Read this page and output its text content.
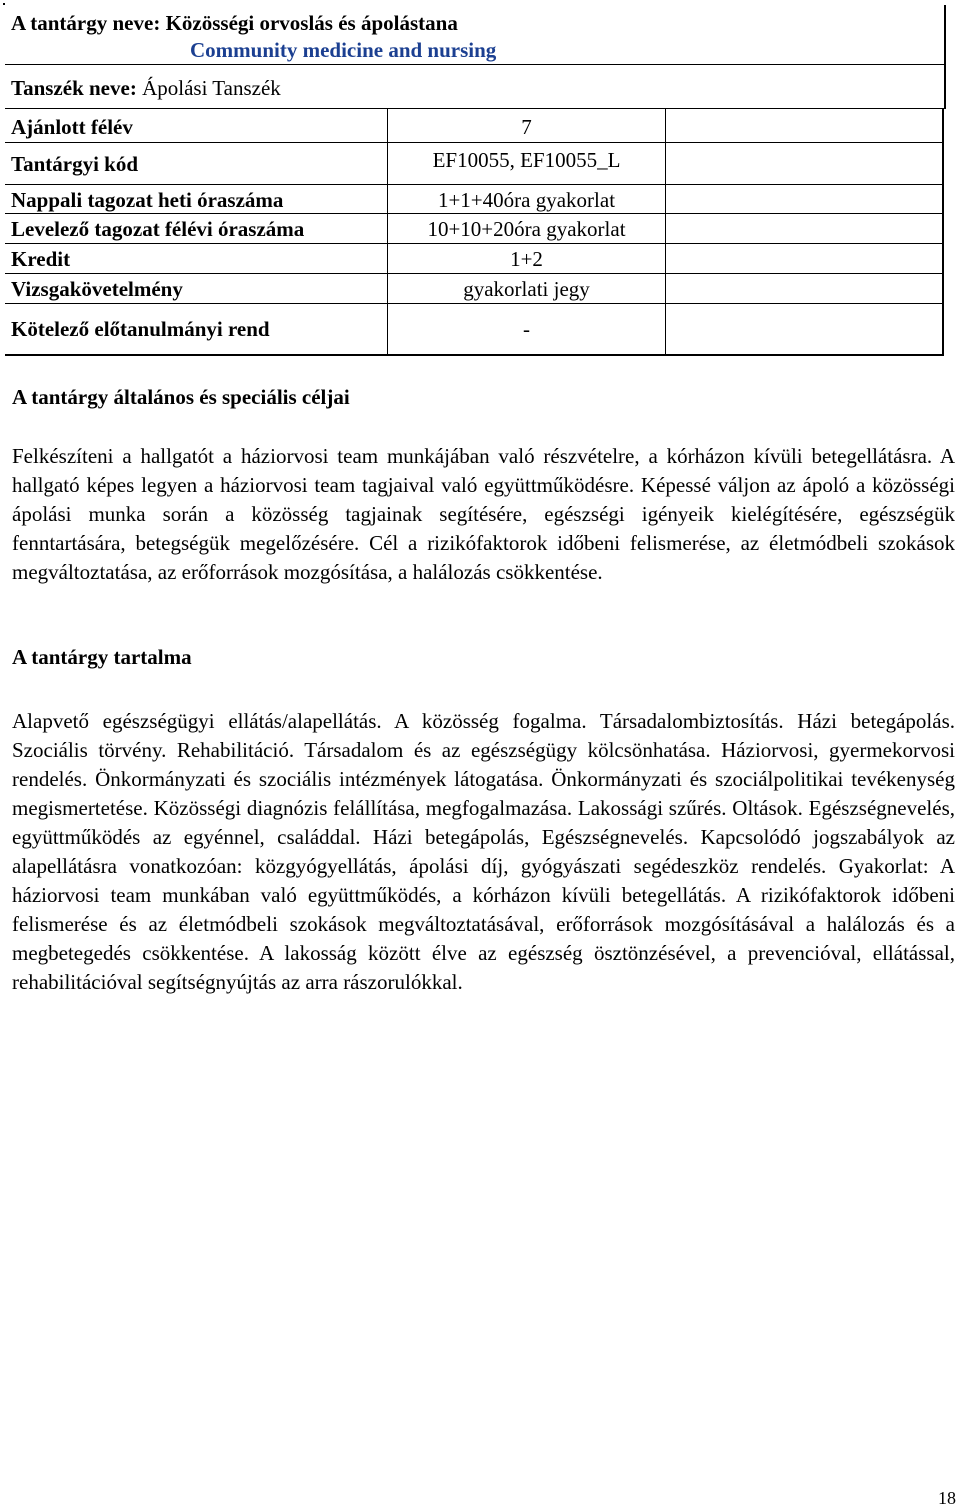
A tantárgy neve: Közösségi orvoslás és ápolástana
Community medicine and nursing
Tanszék neve: Ápolási Tanszék
Ajánlott félév	7
Tantárgyi kód	EF10055, EF10055_L
Nappali tagozat heti óraszáma	1+1+40óra gyakorlat
Levelező tagozat félévi óraszáma	10+10+20óra gyakorlat
Kredit	1+2
Vizsgakövetelmény	gyakorlati jegy
Kötelező előtanulmányi rend	-
A tantárgy általános és speciális céljai
Felkészíteni a hallgatót a háziorvosi team munkájában való részvételre, a kórházon kívüli betegellátásra. A hallgató képes legyen a háziorvosi team tagjaival való együttműködésre. Képessé váljon az ápoló a közösségi ápolási munka során a közösség tagjainak segítésére, egészségi igényeik kielégítésére, egészségük fenntartására, betegségük megelőzésére. Cél a rizikófaktorok időbeni felismerése, az életmódbeli szokások megváltoztatása, az erőforrások mozgósítása, a halálozás csökkentése.
A tantárgy tartalma
Alapvető egészségügyi ellátás/alapellátás. A közösség fogalma. Társadalombiztosítás. Házi betegápolás. Szociális törvény. Rehabilitáció. Társadalom és az egészségügy kölcsönhatása. Háziorvosi, gyermekorvosi rendelés. Önkormányzati és szociális intézmények látogatása. Önkormányzati és szociálpolitikai tevékenység megismertetése. Közösségi diagnózis felállítása, megfogalmazása. Lakossági szűrés. Oltások. Egészségnevelés, együttműködés az egyénnel, családdal. Házi betegápolás, Egészségnevelés. Kapcsolódó jogszabályok az alapellátásra vonatkozóan: közgyógyellátás, ápolási díj, gyógyászati segédeszköz rendelés. Gyakorlat: A háziorvosi team munkában való együttműködés, a kórházon kívüli betegellátás. A rizikófaktorok időbeni felismerése és az életmódbeli szokások megváltoztatásával, erőforrások mozgósításával a halálozás és a megbetegedés csökkentése. A lakosság között élve az egészség ösztönzésével, a prevencióval, ellátással, rehabilitációval segítségnyújtás az arra rászorulókkal.
18
